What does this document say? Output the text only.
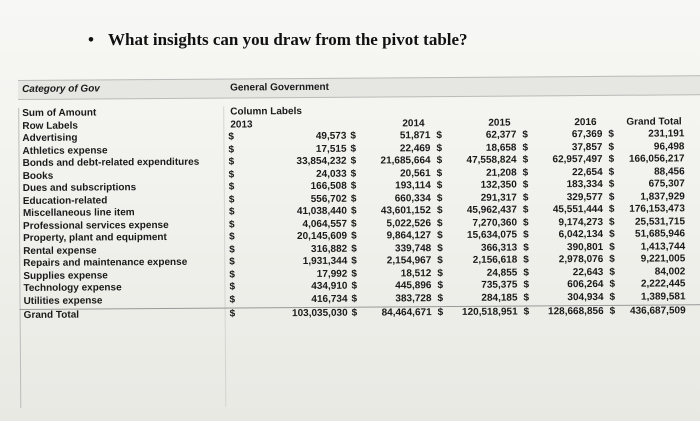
• What insights can you draw from the pivot table?
Category of Gov	General Government
Sum of Amount	Column Labels
Row Labels	2013	2014	2015	2016	Grand Total
Advertising	$	49,573 $	51,871 $	62,377 $	67,369 $	231,191
Athletics expense	$	17,515 $	22,469 $	18,658 $	37,857 $	96,498
Bonds and debt-related expenditures	$	33,854,232 $ 21,685,664 $ 47,558,824 $ 62,957,497 $ 166,056,217
Books	$	24,033 $	20,561 $	21,208 $	22,654 $	88,456
Dues and subscriptions	$	166,508 $	193,114 $	132,350 $	183,334 $	675,307
Education-related	$	556,702 $	660,334 $	291,317 $	329,577 $	1,837,929
Miscellaneous line item	$	41,038,440 $ 43,601,152 $ 45,962,437 $ 45,551,444 $ 176,153,473
Professional services expense	$	4,064,557 $	5,022,526 $	7,270,360 $	9,174,273 $ 25,531,715
Property, plant and equipment	$	20,145,609 $	9,864,127 $ 15,634,075 $	6,042,134 $ 51,685,946
Rental expense	$	316,882 $	339,748 $	366,313 $	390,801 $	1,413,744
Repairs and maintenance expense	$	1,931,344 $	2,154,967 $	2,156,618 $	2,978,076 $	9,221,005
Supplies expense	$	17,992 $	18,512 $	24,855 $	22,643 $	84,002
Technology expense	$	434,910 $	445,896 $	735,375 $	606,264 $	2,222,445
Utilities expense	$	416,734 $	383,728 $	284,185 $	304,934 $	1,389,581
Grand Total	$	103,035,030 $ 84,464,671 $ 120,518,951 $ 128,668,856 $ 436,687,509
